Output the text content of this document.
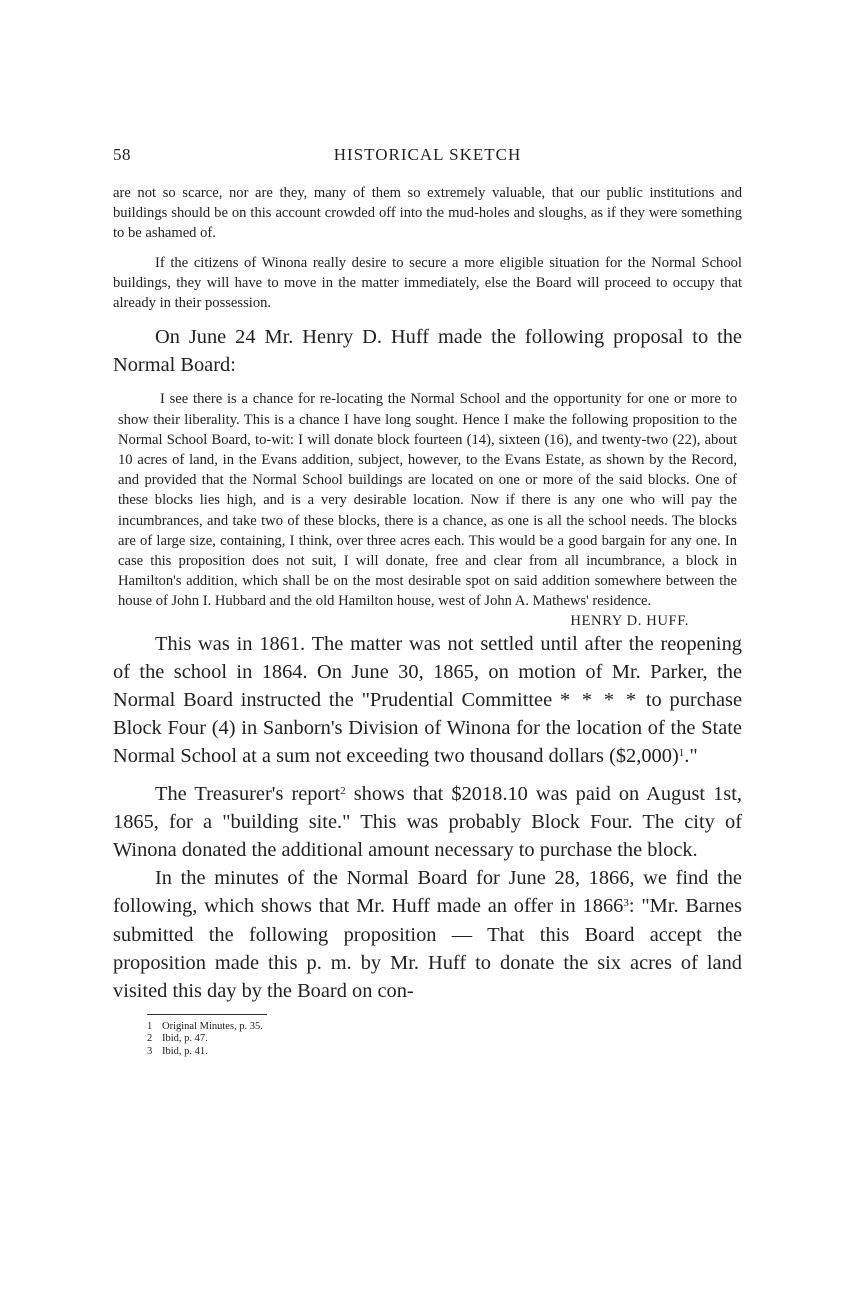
58	HISTORICAL SKETCH

are not so scarce, nor are they, many of them so extremely valuable, that our public institutions and buildings should be on this account crowded off into the mud-holes and sloughs, as if they were something to be ashamed of.

If the citizens of Winona really desire to secure a more eligible situation for the Normal School buildings, they will have to move in the matter immediately, else the Board will proceed to occupy that already in their possession.

On June 24 Mr. Henry D. Huff made the following proposal to the Normal Board:

I see there is a chance for re-locating the Normal School and the opportunity for one or more to show their liberality. This is a chance I have long sought. Hence I make the following proposition to the Normal School Board, to-wit: I will donate block fourteen (14), sixteen (16), and twenty-two (22), about 10 acres of land, in the Evans addition, subject, however, to the Evans Estate, as shown by the Record, and provided that the Normal School buildings are located on one or more of the said blocks. One of these blocks lies high, and is a very desirable location. Now if there is any one who will pay the incumbrances, and take two of these blocks, there is a chance, as one is all the school needs. The blocks are of large size, containing, I think, over three acres each. This would be a good bargain for any one. In case this proposition does not suit, I will donate, free and clear from all incumbrance, a block in Hamilton's addition, which shall be on the most desirable spot on said addition somewhere between the house of John I. Hubbard and the old Hamilton house, west of John A. Mathews' residence.

HENRY D. HUFF.

This was in 1861. The matter was not settled until after the reopening of the school in 1864. On June 30, 1865, on motion of Mr. Parker, the Normal Board instructed the "Prudential Committee * * * * to purchase Block Four (4) in Sanborn's Division of Winona for the location of the State Normal School at a sum not exceeding two thousand dollars ($2,000)$^1$."

The Treasurer's report$^2$ shows that $2018.10 was paid on August 1st, 1865, for a "building site." This was probably Block Four. The city of Winona donated the additional amount necessary to purchase the block.

In the minutes of the Normal Board for June 28, 1866, we find the following, which shows that Mr. Huff made an offer in 1866$^3$: "Mr. Barnes submitted the following proposition — That this Board accept the proposition made this p. m. by Mr. Huff to donate the six acres of land visited this day by the Board on con-

1 Original Minutes, p. 35.
2 Ibid, p. 47.
3 Ibid, p. 41.
